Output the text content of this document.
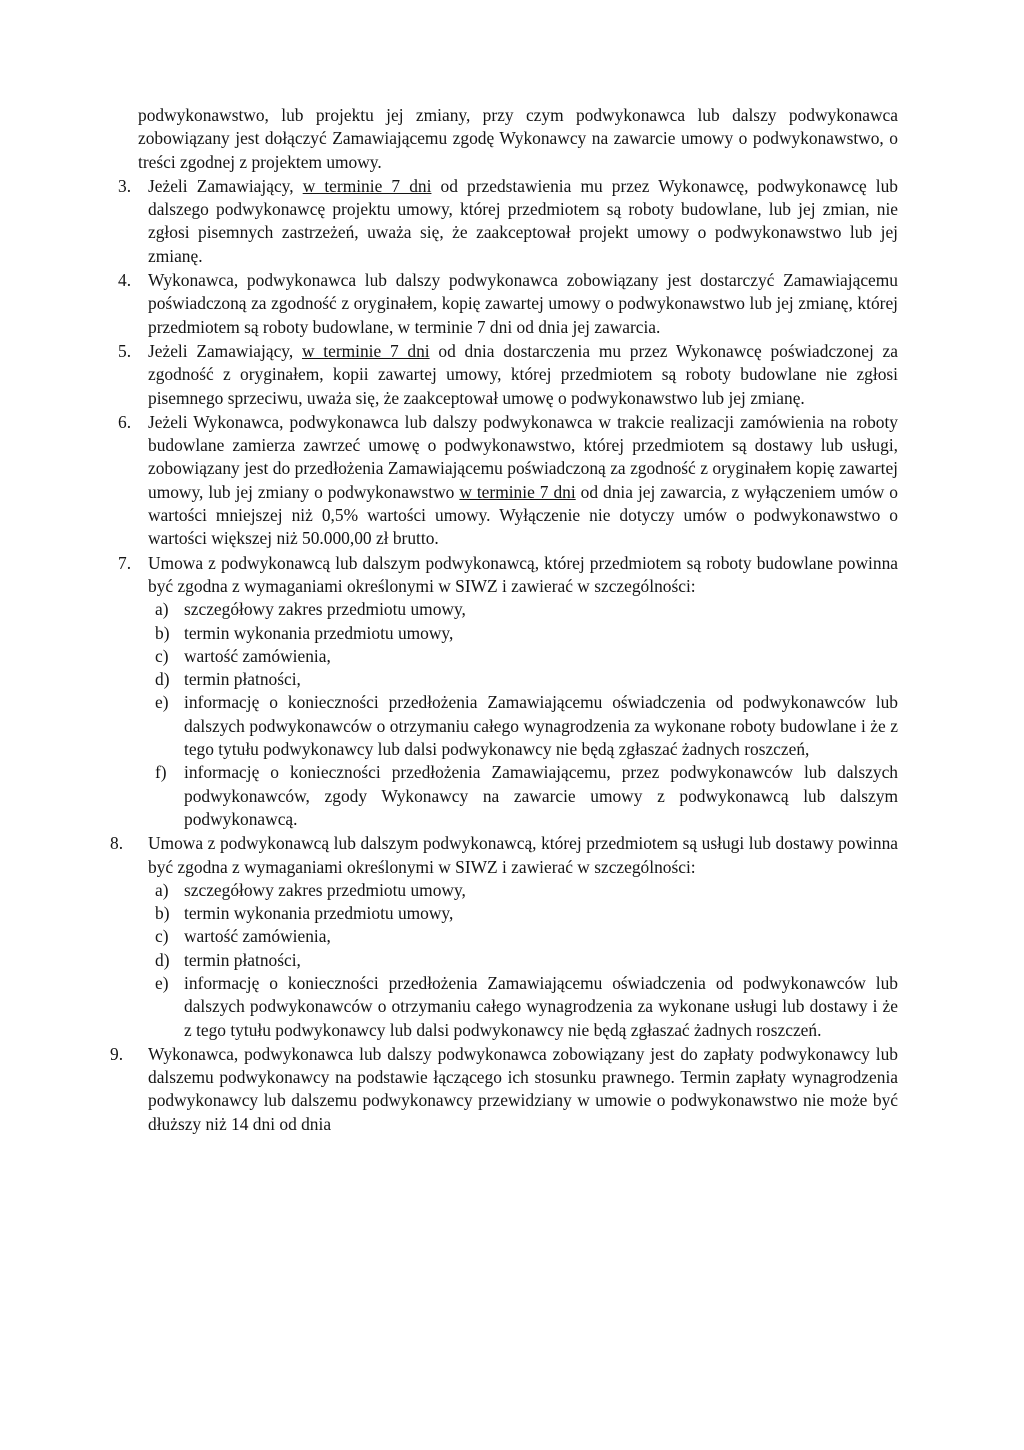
podwykonawstwo, lub projektu jej zmiany, przy czym podwykonawca lub dalszy podwykonawca zobowiązany jest dołączyć Zamawiającemu zgodę Wykonawcy na zawarcie umowy o podwykonawstwo, o treści zgodnej z projektem umowy.

3. Jeżeli Zamawiający, w terminie 7 dni od przedstawienia mu przez Wykonawcę, podwykonawcę lub dalszego podwykonawcę projektu umowy, której przedmiotem są roboty budowlane, lub jej zmian, nie zgłosi pisemnych zastrzeżeń, uważa się, że zaakceptował projekt umowy o podwykonawstwo lub jej zmianę.
4. Wykonawca, podwykonawca lub dalszy podwykonawca zobowiązany jest dostarczyć Zamawiającemu poświadczoną za zgodność z oryginałem, kopię zawartej umowy o podwykonawstwo lub jej zmianę, której przedmiotem są roboty budowlane, w terminie 7 dni od dnia jej zawarcia.
5. Jeżeli Zamawiający, w terminie 7 dni od dnia dostarczenia mu przez Wykonawcę poświadczonej za zgodność z oryginałem, kopii zawartej umowy, której przedmiotem są roboty budowlane nie zgłosi pisemnego sprzeciwu, uważa się, że zaakceptował umowę o podwykonawstwo lub jej zmianę.
6. Jeżeli Wykonawca, podwykonawca lub dalszy podwykonawca w trakcie realizacji zamówienia na roboty budowlane zamierza zawrzeć umowę o podwykonawstwo, której przedmiotem są dostawy lub usługi, zobowiązany jest do przedłożenia Zamawiającemu poświadczoną za zgodność z oryginałem kopię zawartej umowy, lub jej zmiany o podwykonawstwo w terminie 7 dni od dnia jej zawarcia, z wyłączeniem umów o wartości mniejszej niż 0,5% wartości umowy. Wyłączenie nie dotyczy umów o podwykonawstwo o wartości większej niż 50.000,00 zł brutto.
7. Umowa z podwykonawcą lub dalszym podwykonawcą, której przedmiotem są roboty budowlane powinna być zgodna z wymaganiami określonymi w SIWZ i zawierać w szczególności:
a) szczegółowy zakres przedmiotu umowy,
b) termin wykonania przedmiotu umowy,
c) wartość zamówienia,
d) termin płatności,
e) informację o konieczności przedłożenia Zamawiającemu oświadczenia od podwykonawców lub dalszych podwykonawców o otrzymaniu całego wynagrodzenia za wykonane roboty budowlane i że z tego tytułu podwykonawcy lub dalsi podwykonawcy nie będą zgłaszać żadnych roszczeń,
f) informację o konieczności przedłożenia Zamawiającemu, przez podwykonawców lub dalszych podwykonawców, zgody Wykonawcy na zawarcie umowy z podwykonawcą lub dalszym podwykonawcą.
8. Umowa z podwykonawcą lub dalszym podwykonawcą, której przedmiotem są usługi lub dostawy powinna być zgodna z wymaganiami określonymi w SIWZ i zawierać w szczególności:
a) szczegółowy zakres przedmiotu umowy,
b) termin wykonania przedmiotu umowy,
c) wartość zamówienia,
d) termin płatności,
e) informację o konieczności przedłożenia Zamawiającemu oświadczenia od podwykonawców lub dalszych podwykonawców o otrzymaniu całego wynagrodzenia za wykonane usługi lub dostawy i że z tego tytułu podwykonawcy lub dalsi podwykonawcy nie będą zgłaszać żadnych roszczeń.
9. Wykonawca, podwykonawca lub dalszy podwykonawca zobowiązany jest do zapłaty podwykonawcy lub dalszemu podwykonawcy na podstawie łączącego ich stosunku prawnego. Termin zapłaty wynagrodzenia podwykonawcy lub dalszemu podwykonawcy przewidziany w umowie o podwykonawstwo nie może być dłuższy niż 14 dni od dnia
